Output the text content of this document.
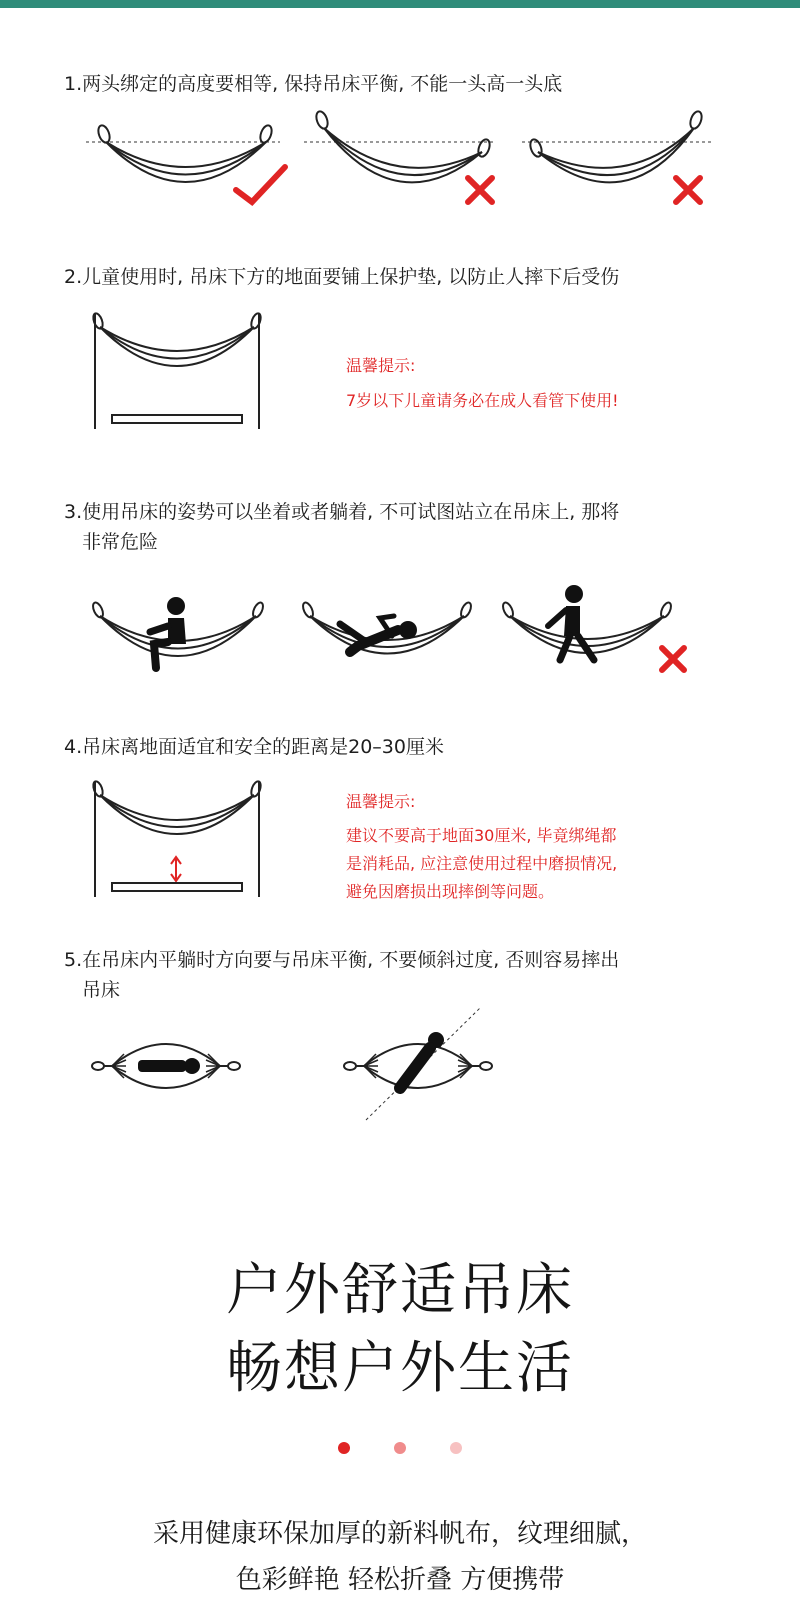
1.两头绑定的高度要相等, 保持吊床平衡, 不能一头高一头底
2.儿童使用时, 吊床下方的地面要铺上保护垫, 以防止人摔下后受伤
温馨提示:
7岁以下儿童请务必在成人看管下使用!
3.使用吊床的姿势可以坐着或者躺着, 不可试图站立在吊床上, 那将
非常危险
4.吊床离地面适宜和安全的距离是20–30厘米
温馨提示:
建议不要高于地面30厘米, 毕竟绑绳都
是消耗品, 应注意使用过程中磨损情况,
避免因磨损出现摔倒等问题。
5.在吊床内平躺时方向要与吊床平衡, 不要倾斜过度, 否则容易摔出
吊床
户外舒适吊床
畅想户外生活
采用健康环保加厚的新料帆布，纹理细腻，
色彩鲜艳 轻松折叠 方便携带
